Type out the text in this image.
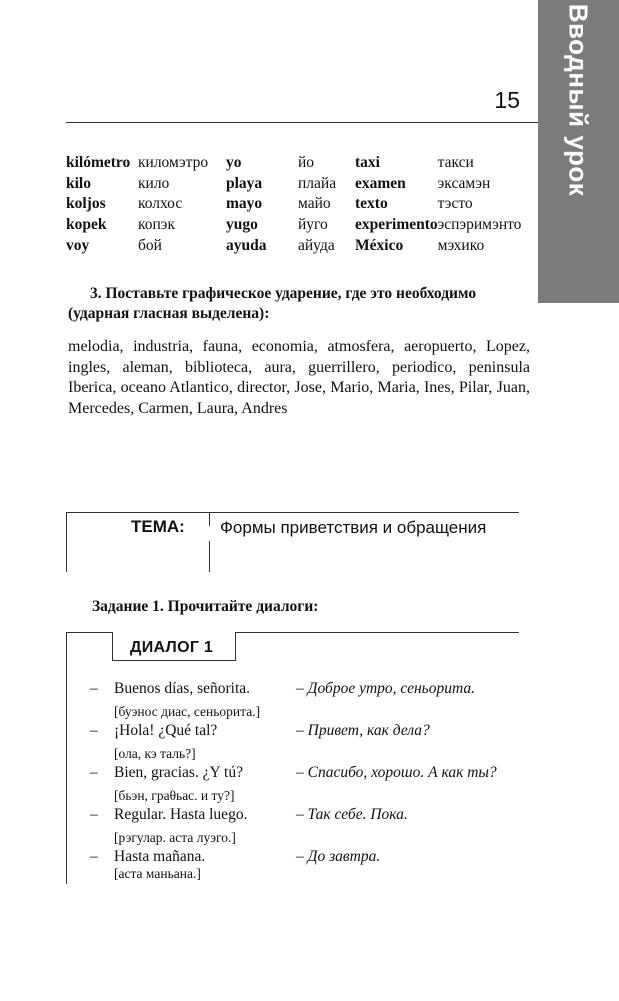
Вводный урок
15
kilómetro	киломэтро	yo	йо	taxi	такси
kilo	кило	playa	плайа	examen	эксамэн
koljos	колхос	mayo	майо	texto	тэсто
kopek	копэк	yugo	йуго	experimento	эспэримэнто
voy	бой	ayuda	айуда	México	мэхико
3. Поставьте графическое ударение, где это необходимо (ударная гласная выделена):
melodia, industria, fauna, economia, atmosfera, aeropuerto, Lopez, ingles, aleman, biblioteca, aura, guerrillero, periodico, peninsula Iberica, oceano Atlantico, director, Jose, Mario, Maria, Ines, Pilar, Juan, Mercedes, Carmen, Laura, Andres
ТЕМА: Формы приветствия и обращения
Задание 1. Прочитайте диалоги:
ДИАЛОГ 1
– Buenos días, señorita.	– Доброе утро, сеньорита.
[буэнос диас, сеньорита.]
– ¡Hola! ¿Qué tal?	– Привет, как дела?
[ола, кэ таль?]
– Bien, gracias. ¿Y tú?	– Спасибо, хорошо. А как ты?
[бьэн, граθьас. и ту?]
– Regular. Hasta luego.	– Так себе. Пока.
[рэгулар. аста луэго.]
– Hasta mañana.	– До завтра.
[аста маньана.]
